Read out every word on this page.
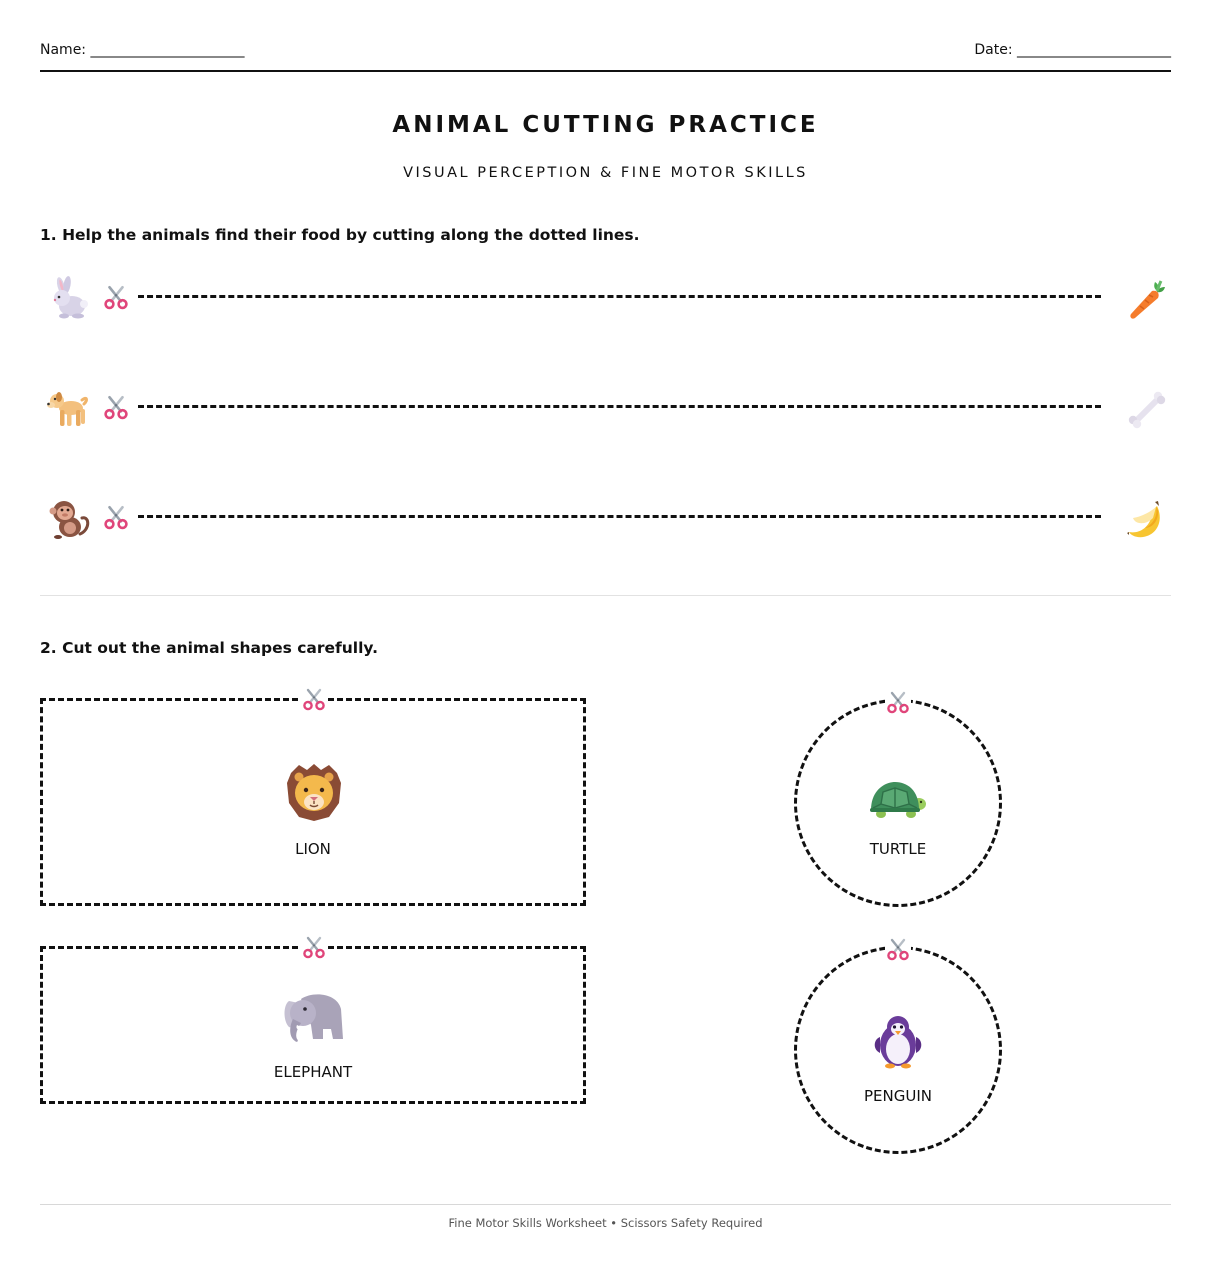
Name: ______________________	Date: ______________________
ANIMAL CUTTING PRACTICE
VISUAL PERCEPTION & FINE MOTOR SKILLS
1. Help the animals find their food by cutting along the dotted lines.
2. Cut out the animal shapes carefully.
LION	TURTLE
ELEPHANT
PENGUIN
Fine Motor Skills Worksheet • Scissors Safety Required
